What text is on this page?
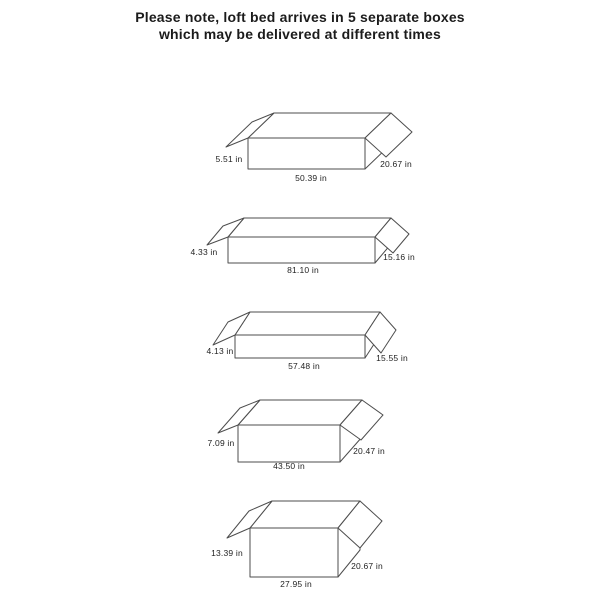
Please note, loft bed arrives in 5 separate boxes
which may be delivered at different times
5.51 in
50.39 in
20.67 in
4.33 in
81.10 in
15.16 in
4.13 in
57.48 in
15.55 in
7.09 in
43.50 in
20.47 in
13.39 in
27.95 in
20.67 in
